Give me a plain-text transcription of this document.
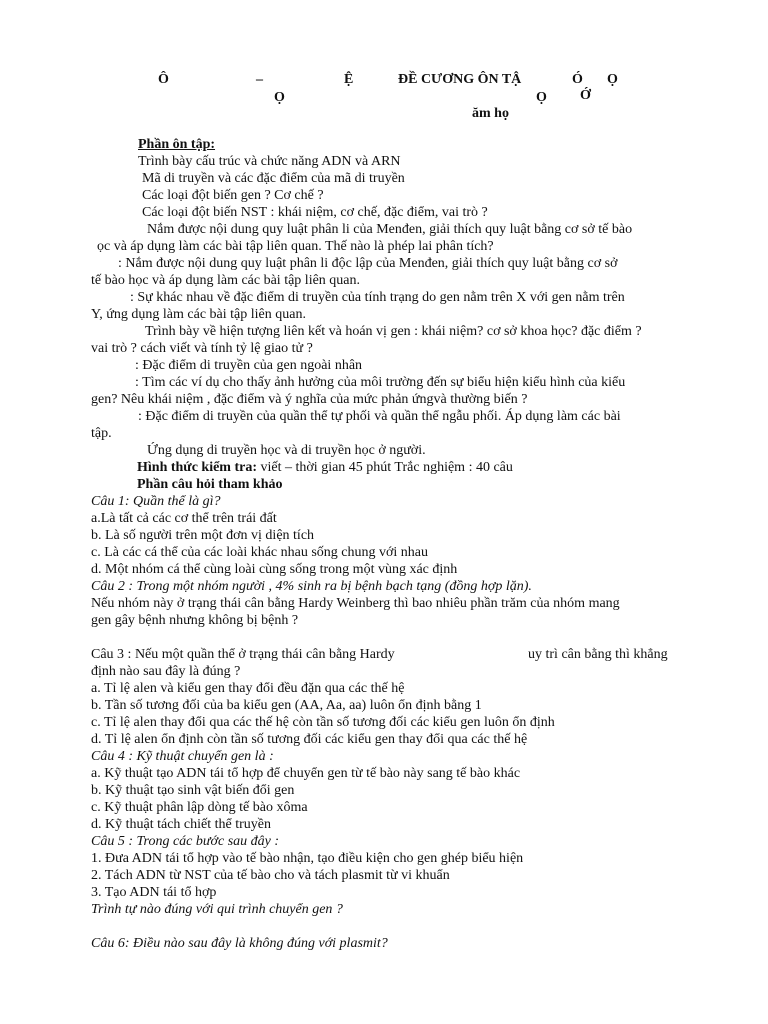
Ô	–	Ệ	ĐỀ CƯƠNG ÔN TẬ	Ó Ọ
Ọ	Ọ Ớ
ăm họ
Phần ôn tập:
Trình bày cấu trúc và chức năng ADN và ARN
Mã di truyền và các đặc điểm của mã di truyền
Các loại đột biến gen ? Cơ chế ?
Các loại đột biến NST : khái niệm, cơ chế, đặc điểm, vai trò ?
Nắm được nội dung quy luật phân li của Menđen, giải thích quy luật bằng cơ sở tế bào
ọc và áp dụng làm các bài tập liên quan. Thế nào là phép lai phân tích?
: Nắm được nội dung quy luật phân li độc lập của Menđen, giải thích quy luật bằng cơ sở
tế bào học và áp dụng làm các bài tập liên quan.
: Sự khác nhau về đặc điểm di truyền của tính trạng do gen nằm trên X với gen nằm trên
Y, ứng dụng làm các bài tập liên quan.
Trình bày về hiện tượng liên kết và hoán vị gen : khái niệm? cơ sở khoa học? đặc điểm ?
vai trò ? cách viết và tính tỷ lệ giao tử ?
: Đặc điểm di truyền của gen ngoài nhân
: Tìm các ví dụ cho thấy ảnh hưởng của môi trường đến sự biểu hiện kiểu hình của kiểu
gen? Nêu khái niệm , đặc điểm và ý nghĩa của mức phản ứngvà thường biến ?
: Đặc điểm di truyền của quần thể tự phối và quần thể ngẫu phối. Áp dụng làm các bài
tập.
Ứng dụng di truyền học và di truyền học ở người.
Hình thức kiểm tra: viết – thời gian 45 phút Trắc nghiệm : 40 câu
Phần câu hỏi tham khảo
Câu 1: Quần thể là gì?
a.Là tất cả các cơ thể trên trái đất
b. Là số người trên một đơn vị diện tích
c. Là các cá thể của các loài khác nhau sống chung với nhau
d. Một nhóm cá thể cùng loài cùng sống trong một vùng xác định
Câu 2 : Trong một nhóm người , 4% sinh ra bị bệnh bạch tạng (đồng hợp lặn).
Nếu nhóm này ở trạng thái cân bằng Hardy Weinberg thì bao nhiêu phần trăm của nhóm mang
gen gây bệnh nhưng không bị bệnh ?
Câu 3 : Nếu một quần thể ở trạng thái cân bằng Hardy	uy trì cân bằng thì khẳng
định nào sau đây là đúng ?
a. Tỉ lệ alen và kiểu gen thay đổi đều đặn qua các thế hệ
b. Tần số tương đối của ba kiểu gen (AA, Aa, aa) luôn ổn định bằng 1
c. Tỉ lệ alen thay đổi qua các thế hệ còn tần số tương đối các kiểu gen luôn ổn định
d. Tỉ lệ alen ổn định còn tần số tương đối các kiểu gen thay đổi qua các thế hệ
Câu 4 : Kỹ thuật chuyển gen là :
a. Kỹ thuật tạo ADN tái tổ hợp để chuyển gen từ tế bào này sang tế bào khác
b. Kỹ thuật tạo sinh vật biến đổi gen
c. Kỹ thuật phân lập dòng tế bào xôma
d. Kỹ thuật tách chiết thể truyền
Câu 5 : Trong các bước sau đây :
1. Đưa ADN tái tổ hợp vào tế bào nhận, tạo điều kiện cho gen ghép biểu hiện
2. Tách ADN từ NST của tế bào cho và tách plasmit từ vi khuẩn
3. Tạo ADN tái tổ hợp
Trình tự nào đúng với qui trình chuyển gen ?
Câu 6: Điều nào sau đây là không đúng với plasmit?
